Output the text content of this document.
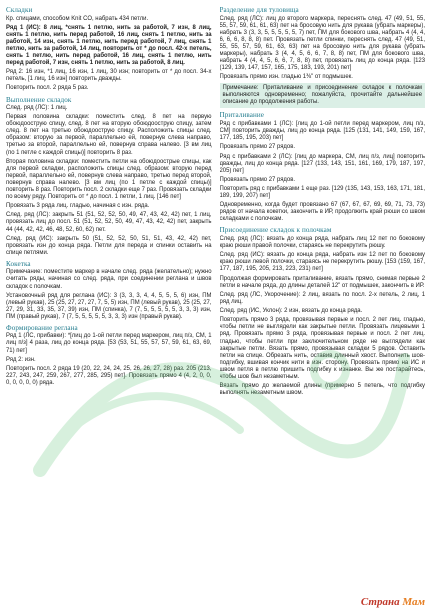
Складки

Кр. спицами, способом Knit CO, набрать 434 петли.

Ряд 1 (ИС): 8 лиц, *снять 1 петлю, нить за работой, 7 изн, 8 лиц, снять 1 петлю, нить перед работой, 16 лиц, снять 1 петлю, нить за работой, 14 изн, снять 1 петлю, нить перед работой, 7 лиц, снять 1 петлю, нить за работой, 14 лиц, повторить от * до посл. 42-х петель, снять 1 петлю, нить перед работой, 16 лиц, снять 1 петлю, нить перед работой, 7 изн, снять 1 петлю, нить за работой, 8 лиц.

Ряд 2: 16 изн, *1 лиц, 16 изн, 1 лиц, 30 изн; повторить от * до посл. 34-х петель, [1 лиц, 16 изн] повторить дважды.

Повторить посл. 2 ряда 5 раз.

Выполнение складок

След. ряд (ЛС): 1 лиц.

Первая половина складки: поместить след. 8 пет на первую обоюдоострую спицу, след. 8 пет на вторую обоюдоострую спицу, затем след. 8 пет на третью обоюдоострую спицу. Расположить спицы след. образом: вторую за первой, параллельно ей, повернув слева направо, третью за второй, параллельно ей, повернув справа налево. [3 вм лиц (по 1 петле с каждой спицы)] повторить 8 раз.

Вторая половина складки: поместить петли на обоюдоострые спицы, как для первой складки, расположить спицы след. образом: вторую перед первой, параллельно ей, повернув слева направо, третью перед второй, повернув справа налево. [3 вм лиц (по 1 петле с каждой спицы)] повторить 8 раз. Повторить посл. 2 складки еще 7 раз. Провязать складки по всему ряду. Повторить от * до посл. 1 петли, 1 лиц. [146 пет]

Провязать 3 ряда лиц. гладью, начиная с изн. ряда.

След. ряд (ЛС): закрыть 51 (51, 52, 52, 50, 49, 47, 43, 42, 42) пет, 1 лиц, провязать лиц до посл. 51 (51, 52, 52, 50, 49, 47, 43, 42, 42) пет, закрыть 44 (44, 42, 42, 46, 48, 52, 60, 62) пет.

След. ряд (ИС): закрыть 50 (51, 52, 52, 50, 51, 51, 43, 42, 42) пет, провязать изн до конца ряда. Петли для переда и спинки оставить на спице петлями.

Кокетка

Примечание: поместите маркер в начале след. ряда (желательно); нужно считать ряды, начиная со след. ряда, при соединении реглана и швов складок с полочкам.

Установочный ряд для реглана (ИС): 3 (3, 3, 3, 4, 4, 5, 5, 5, 6) изн, ПМ (левый рукав), 25 (25, 27, 27, 27, 7, 5, 5) изн, ПМ (левый рукав), 25 (25, 27, 27, 29, 31, 33, 35, 37, 39) изн, ПМ (спинка), 7 (7, 5, 5, 5, 5, 5, 3, 3, 3) изн, ПМ (правый рукав), 7 (7, 5, 5, 5, 5, 5, 3, 3, 3) изн (правый рукав).

Формирование реглана

Ряд 1 (ЛС, прибавки): *[лиц до 1-ой петли перед маркером, лиц п/з, СМ, 1 лиц п/з] 4 раза, лиц до конца ряда. [53 (53, 51, 55, 57, 57, 59, 61, 63, 69, 71) пет]

Ряд 2: изн.

Повторить посл. 2 ряда 19 (20, 22, 24, 24, 25, 26, 26, 27, 28) раз. 205 (213, 227, 243, 247, 259, 267, 277, 285, 295) пет]. Провязать прямо 4 (4, 2, 0, 0, 0, 0, 0, 0, 0) ряда.

Разделение для туловища

След. ряд (ЛС): лиц до второго маркера, переснять след. 47 (49, 51, 55, 55, 57, 59, 61, 61, 63) пет на бросовую нить для рукава (убрать маркеры), набрать 3 (3, 3, 5, 5, 5, 5, 5, 7) пет, ПМ для бокового шва, набрать 4 (4, 4, 6, 6, 6, 8, 8, 8) пет. Провязать петли спинки, переснять след. 47 (49, 51, 55, 55, 57, 59, 61, 63, 63) пет на бросовую нить для рукава (убрать маркеры), набрать 3 (4, 4, 5, 6, 6, 7, 8, 8) пет, ПМ для бокового шва, набрать 4 (4, 4, 5, 6, 6, 7, 8, 8) пет, провязать лиц до конца ряда. [123 (129, 139, 147, 157, 165, 175, 183, 193, 201) пет]

Провязать прямо изн. гладью 1⅜" от подмышек.

Примечание: Приталивание и присоединение складок к полочкам выполняются одновременно; пожалуйста, прочитайте дальнейшее описание до продолжения работы.

Приталивание

Ряд с прибавками 1 (ЛС): [лиц до 1-ой петли перед маркером, лиц п/з, СМ] повторить дважды, лиц до конца ряда. [125 (131, 141, 149, 159, 167, 177, 185, 195, 203) пет]

Провязать прямо 27 рядов.

Ряд с прибавками 2 (ЛС): [лиц до маркера, СМ, лиц п/з, лиц] повторить дважды, лиц до конца ряда. [127 (133, 143, 151, 161, 169, 179, 187, 197, 205) пет]

Провязать прямо 27 рядов.

Повторить ряд с прибавками 1 еще раз. [129 (135, 143, 153, 163, 171, 181, 189, 199, 207) пет]

Одновременно, когда будет провязано 67 (67, 67, 67, 69, 69, 71, 73, 73) рядов от начала кокетки, закончить в ИР, продолжить край рюши со швом складками с полочкам.

Присоединение складок к полочкам

След. ряд (ЛС): вязать до конца ряда, набрать лиц 12 пет по боковому краю рюши правой полочки, стараясь не перекрутить рюшу.

След. ряд (ИС): вязать до конца ряда, набрать изн 12 пет по боковому краю рюши левой полочки, стараясь не перекрутить рюшу. [153 (159, 167, 177, 187, 195, 205, 213, 223, 231) пет]

Продолжая формировать приталивание, вязать прямо, снимая первые 2 петли в начале ряда, до длины деталей 12" от подмышек, закончить в ИР.

След. ряд (ЛС, Укорочение): 2 лиц, вязать по посл. 2-х петель, 2 лиц, 1 ряд лиц.

След. ряд (ИС, Уклон): 2 изн, вязать до конца ряда.

Повторить прямо 3 ряда, провязывая первые и посл. 2 пет лиц. гладью, чтобы петли не выглядели как закрытые петли. Провязать лицевыми 1 ряд. Провязать прямо 3 ряда, провязывая первые и посл. 2 пет лиц. гладью, чтобы петли при заключительном ряде не выглядели как закрытые петли. Вязать прямо, провязывая складки 5 рядов. Оставить петли на спице. Обрезать нить, оставив длинный хвост. Выполнить шов-подгибку, вшивая кончик нити в изн. сторону. Провязать прямо на ИС и швом петля в петлю пришить подгибку к изнанке. Вы же постарайтесь, чтобы шов был незаметным.

Вязать прямо до желаемой длины (примерно 5 петель, что подгибку выполнять незаметным швом.

Страна Мам
